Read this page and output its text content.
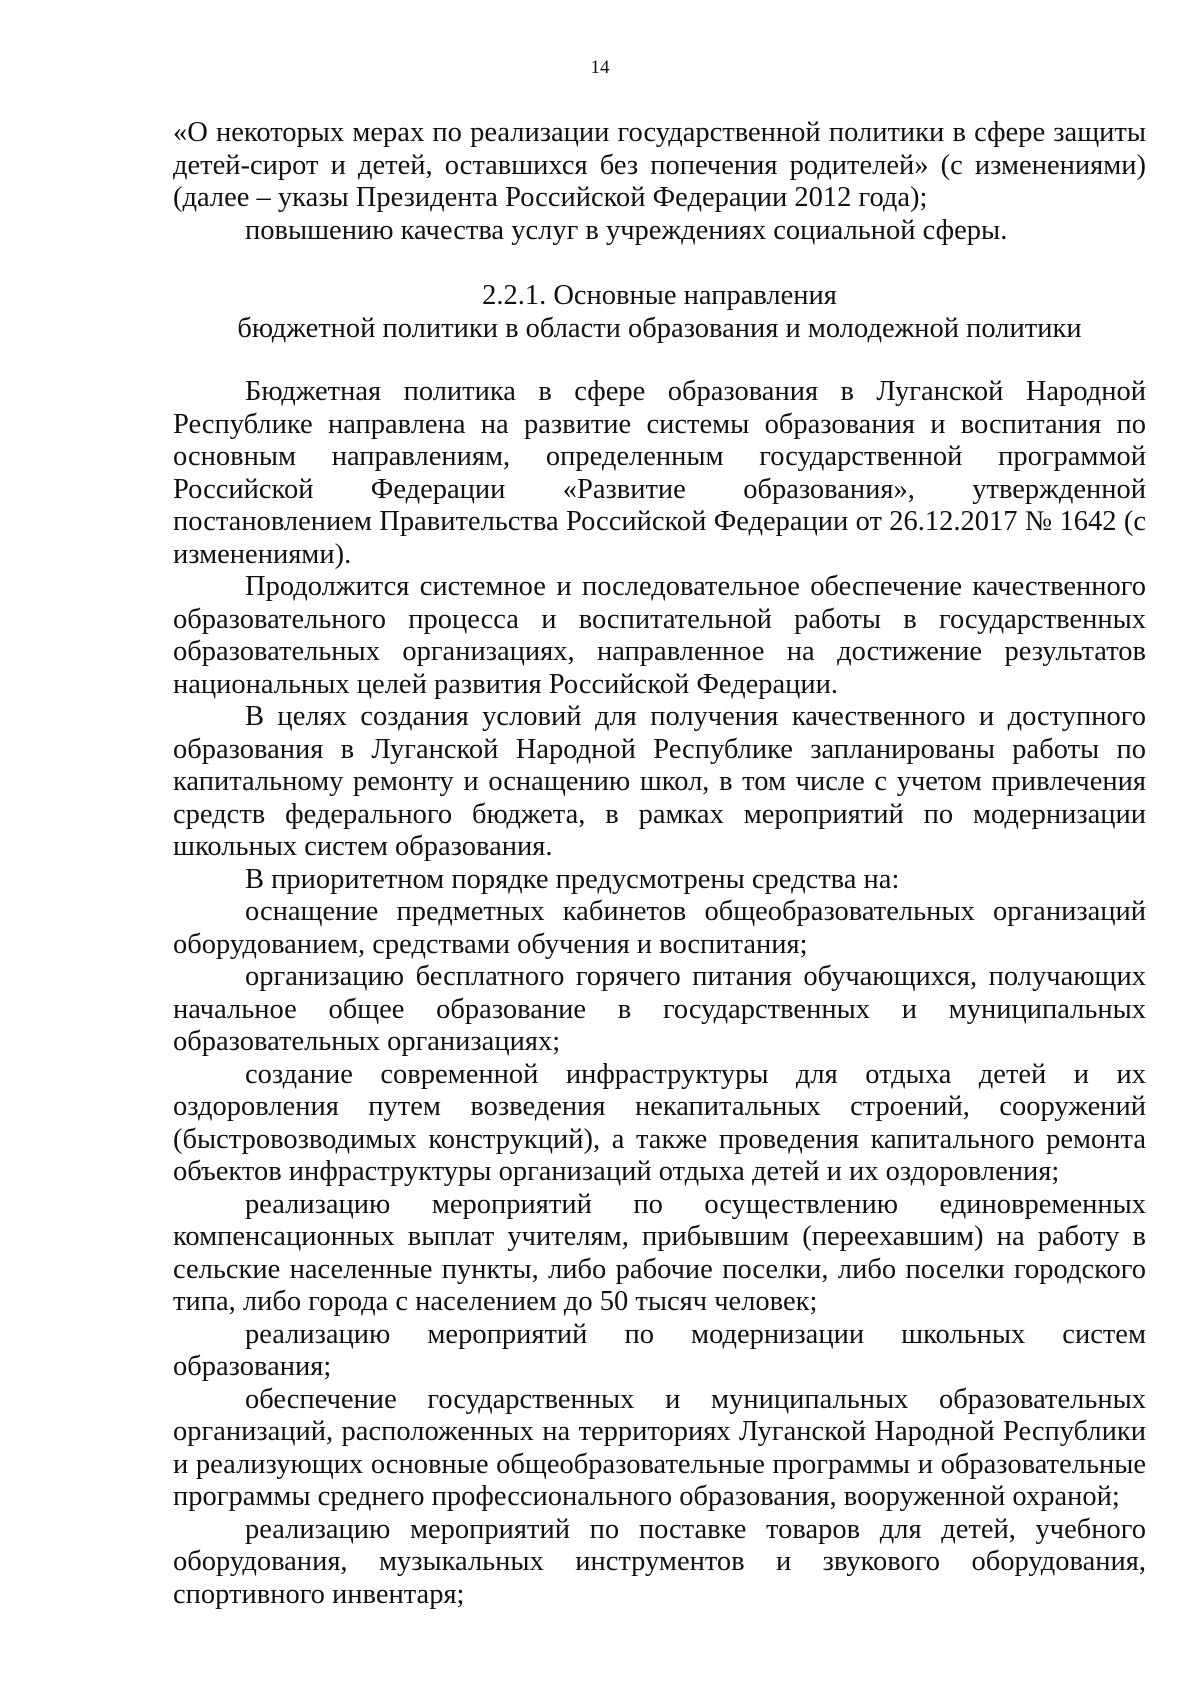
14

«О некоторых мерах по реализации государственной политики в сфере защиты детей-сирот и детей, оставшихся без попечения родителей» (с изменениями) (далее – указы Президента Российской Федерации 2012 года);

повышению качества услуг в учреждениях социальной сферы.

2.2.1. Основные направления
бюджетной политики в области образования и молодежной политики

Бюджетная политика в сфере образования в Луганской Народной Республике направлена на развитие системы образования и воспитания по основным направлениям, определенным государственной программой Российской Федерации «Развитие образования», утвержденной постановлением Правительства Российской Федерации от 26.12.2017 № 1642 (с изменениями).

Продолжится системное и последовательное обеспечение качественного образовательного процесса и воспитательной работы в государственных образовательных организациях, направленное на достижение результатов национальных целей развития Российской Федерации.

В целях создания условий для получения качественного и доступного образования в Луганской Народной Республике запланированы работы по капитальному ремонту и оснащению школ, в том числе с учетом привлечения средств федерального бюджета, в рамках мероприятий по модернизации школьных систем образования.

В приоритетном порядке предусмотрены средства на:

оснащение предметных кабинетов общеобразовательных организаций оборудованием, средствами обучения и воспитания;

организацию бесплатного горячего питания обучающихся, получающих начальное общее образование в государственных и муниципальных образовательных организациях;

создание современной инфраструктуры для отдыха детей и их оздоровления путем возведения некапитальных строений, сооружений (быстровозводимых конструкций), а также проведения капитального ремонта объектов инфраструктуры организаций отдыха детей и их оздоровления;

реализацию мероприятий по осуществлению единовременных компенсационных выплат учителям, прибывшим (переехавшим) на работу в сельские населенные пункты, либо рабочие поселки, либо поселки городского типа, либо города с населением до 50 тысяч человек;

реализацию мероприятий по модернизации школьных систем образования;

обеспечение государственных и муниципальных образовательных организаций, расположенных на территориях Луганской Народной Республики и реализующих основные общеобразовательные программы и образовательные программы среднего профессионального образования, вооруженной охраной;

реализацию мероприятий по поставке товаров для детей, учебного оборудования, музыкальных инструментов и звукового оборудования, спортивного инвентаря;
